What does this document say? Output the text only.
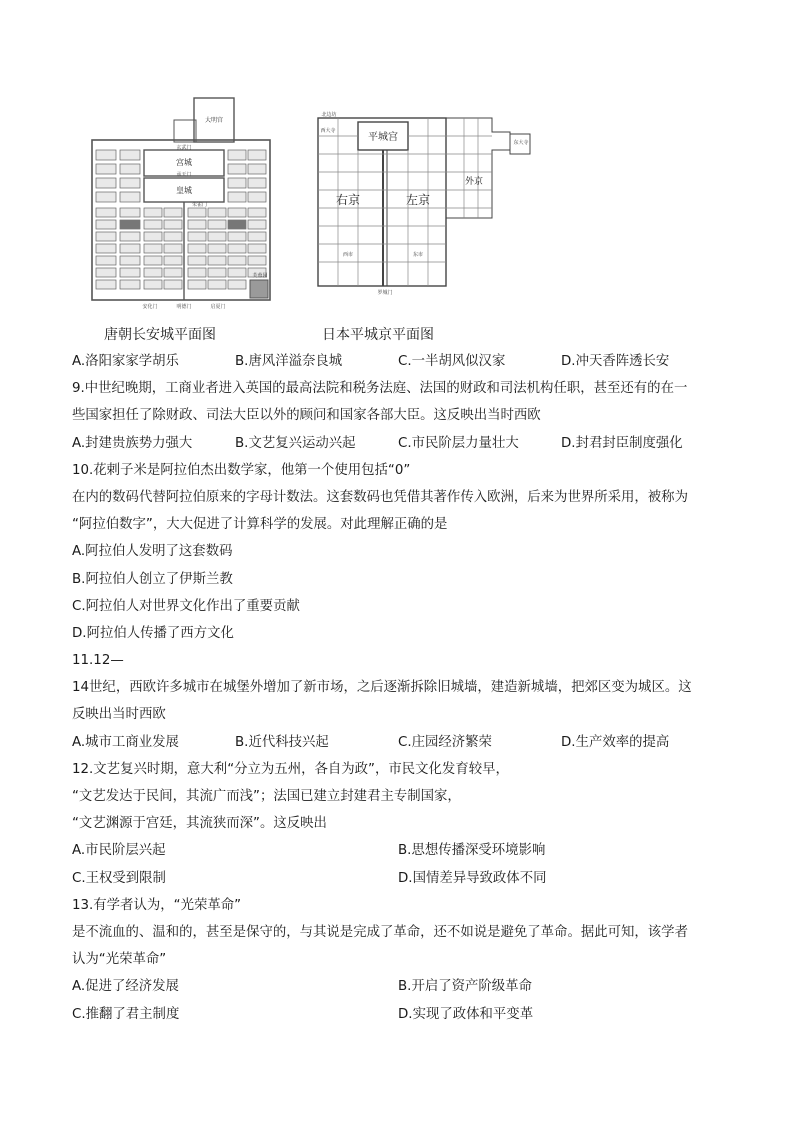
大明宫
宫城
皇城
承天门
玄武门
朱雀门
芙蓉园
明德门
安化门	启夏门
北边坊
平城宫
右京	左京
外京
东大寺
西大寺
西市	东市
罗城门
唐朝长安城平面图	日本平城京平面图
A.洛阳家家学胡乐	B.唐风洋溢奈良城	C.一半胡风似汉家	D.冲天香阵透长安
9.中世纪晚期，工商业者进入英国的最高法院和税务法庭、法国的财政和司法机构任职，甚至还有的在一
些国家担任了除财政、司法大臣以外的顾问和国家各部大臣。这反映出当时西欧
A.封建贵族势力强大	B.文艺复兴运动兴起	C.市民阶层力量壮大	D.封君封臣制度强化
10.花剌子米是阿拉伯杰出数学家，他第一个使用包括“0”
在内的数码代替阿拉伯原来的字母计数法。这套数码也凭借其著作传入欧洲，后来为世界所采用，被称为
“阿拉伯数字”，大大促进了计算科学的发展。对此理解正确的是
A.阿拉伯人发明了这套数码
B.阿拉伯人创立了伊斯兰教
C.阿拉伯人对世界文化作出了重要贡献
D.阿拉伯人传播了西方文化
11.12—
14世纪，西欧许多城市在城堡外增加了新市场，之后逐渐拆除旧城墙，建造新城墙，把郊区变为城区。这
反映出当时西欧
A.城市工商业发展	B.近代科技兴起	C.庄园经济繁荣	D.生产效率的提高
12.文艺复兴时期，意大利“分立为五州，各自为政”，市民文化发育较早，
“文艺发达于民间，其流广而浅”；法国已建立封建君主专制国家，
“文艺渊源于宫廷，其流狭而深”。这反映出
A.市民阶层兴起	B.思想传播深受环境影响
C.王权受到限制	D.国情差异导致政体不同
13.有学者认为，“光荣革命”
是不流血的、温和的，甚至是保守的，与其说是完成了革命，还不如说是避免了革命。据此可知，该学者
认为“光荣革命”
A.促进了经济发展	B.开启了资产阶级革命
C.推翻了君主制度	D.实现了政体和平变革
